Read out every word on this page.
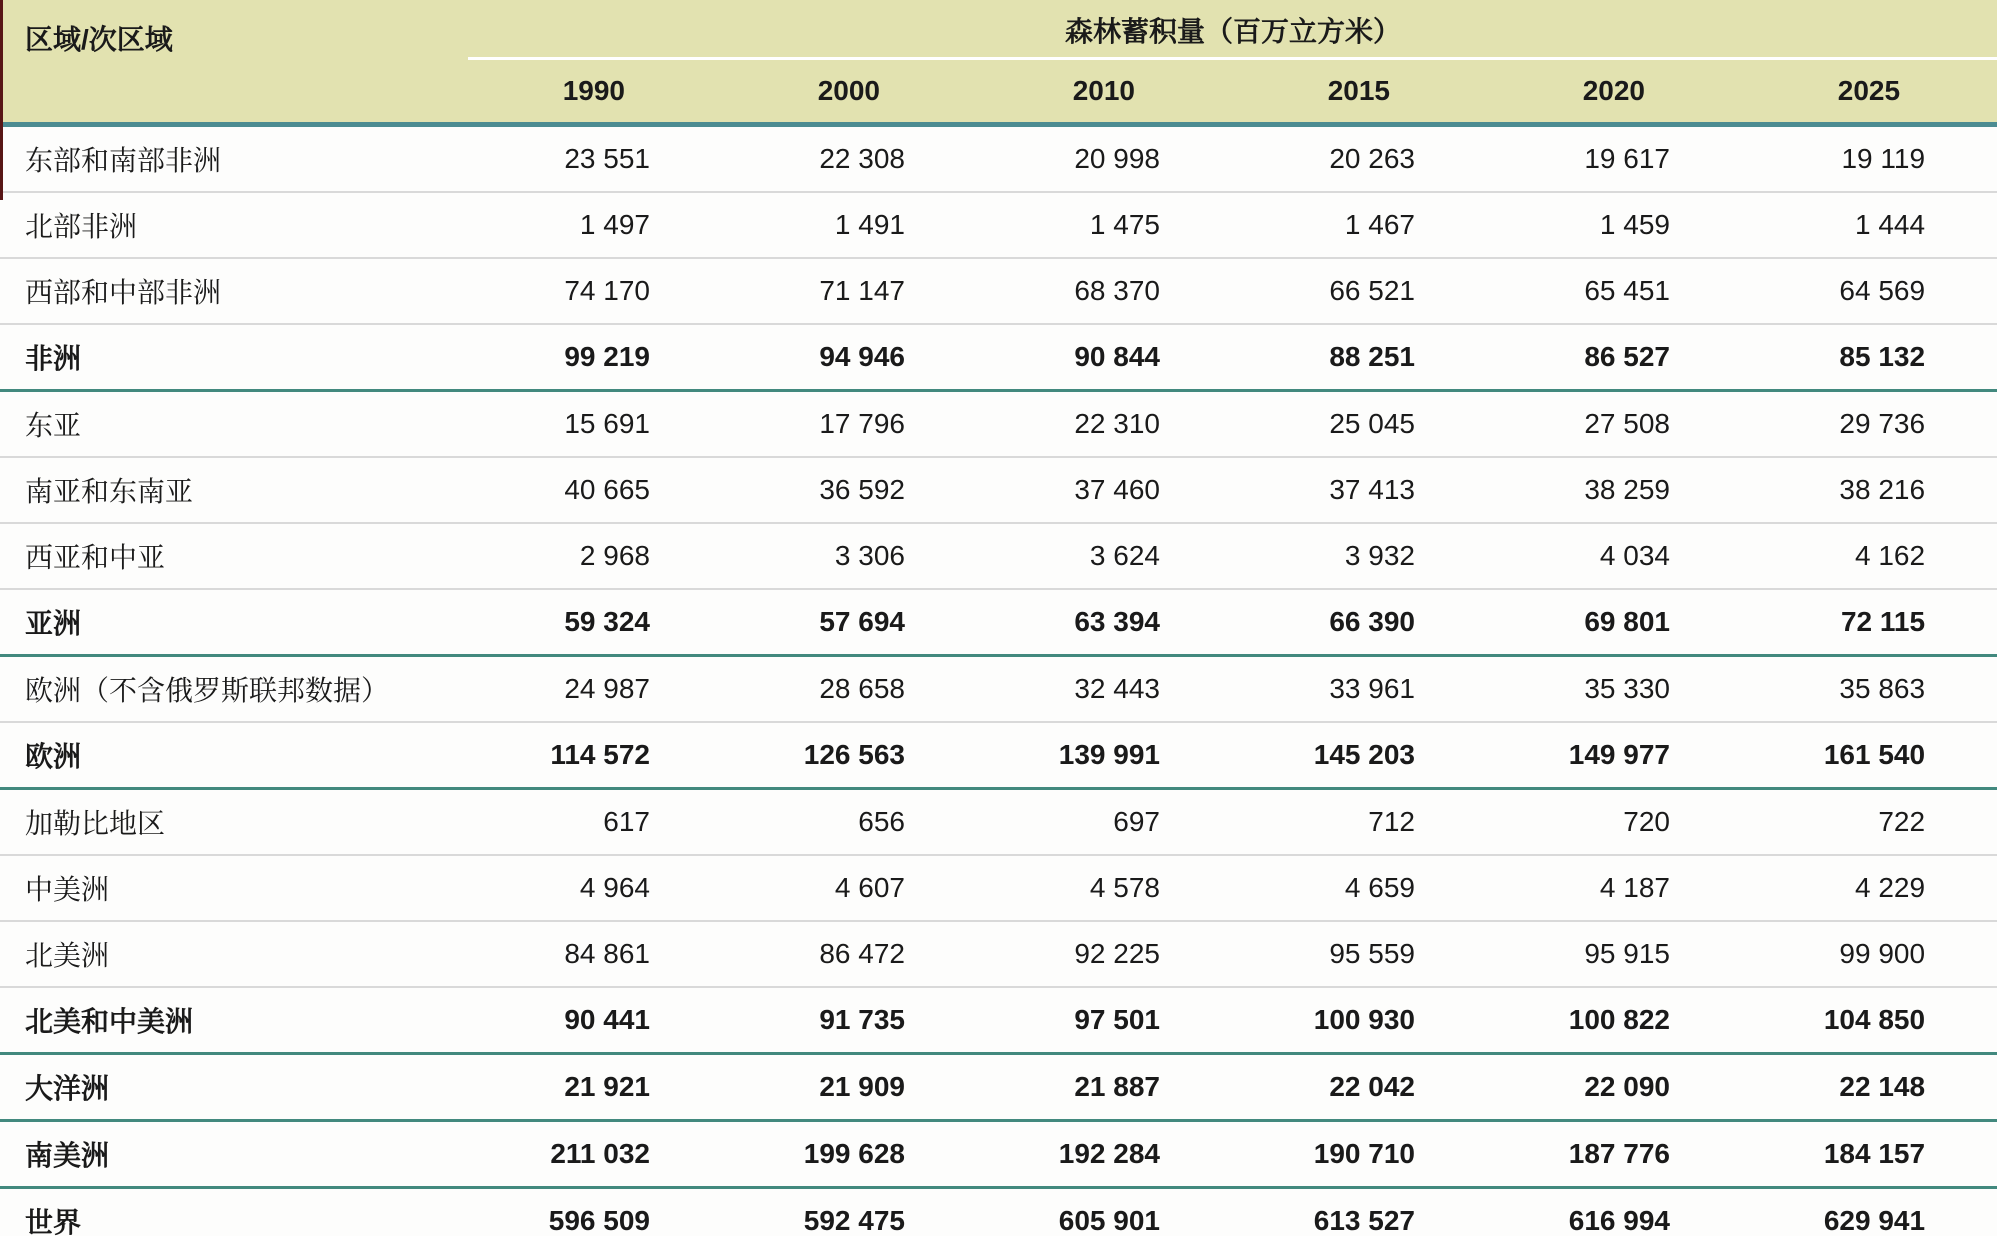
区域/次区域	森林蓄积量（百万立方米）					
	1990	2000	2010	2015	2020	2025
东部和南部非洲	23 551	22 308	20 998	20 263	19 617	19 119
北部非洲	1 497	1 491	1 475	1 467	1 459	1 444
西部和中部非洲	74 170	71 147	68 370	66 521	65 451	64 569
非洲	99 219	94 946	90 844	88 251	86 527	85 132
东亚	15 691	17 796	22 310	25 045	27 508	29 736
南亚和东南亚	40 665	36 592	37 460	37 413	38 259	38 216
西亚和中亚	2 968	3 306	3 624	3 932	4 034	4 162
亚洲	59 324	57 694	63 394	66 390	69 801	72 115
欧洲（不含俄罗斯联邦数据）	24 987	28 658	32 443	33 961	35 330	35 863
欧洲	114 572	126 563	139 991	145 203	149 977	161 540
加勒比地区	617	656	697	712	720	722
中美洲	4 964	4 607	4 578	4 659	4 187	4 229
北美洲	84 861	86 472	92 225	95 559	95 915	99 900
北美和中美洲	90 441	91 735	97 501	100 930	100 822	104 850
大洋洲	21 921	21 909	21 887	22 042	22 090	22 148
南美洲	211 032	199 628	192 284	190 710	187 776	184 157
世界	596 509	592 475	605 901	613 527	616 994	629 941
